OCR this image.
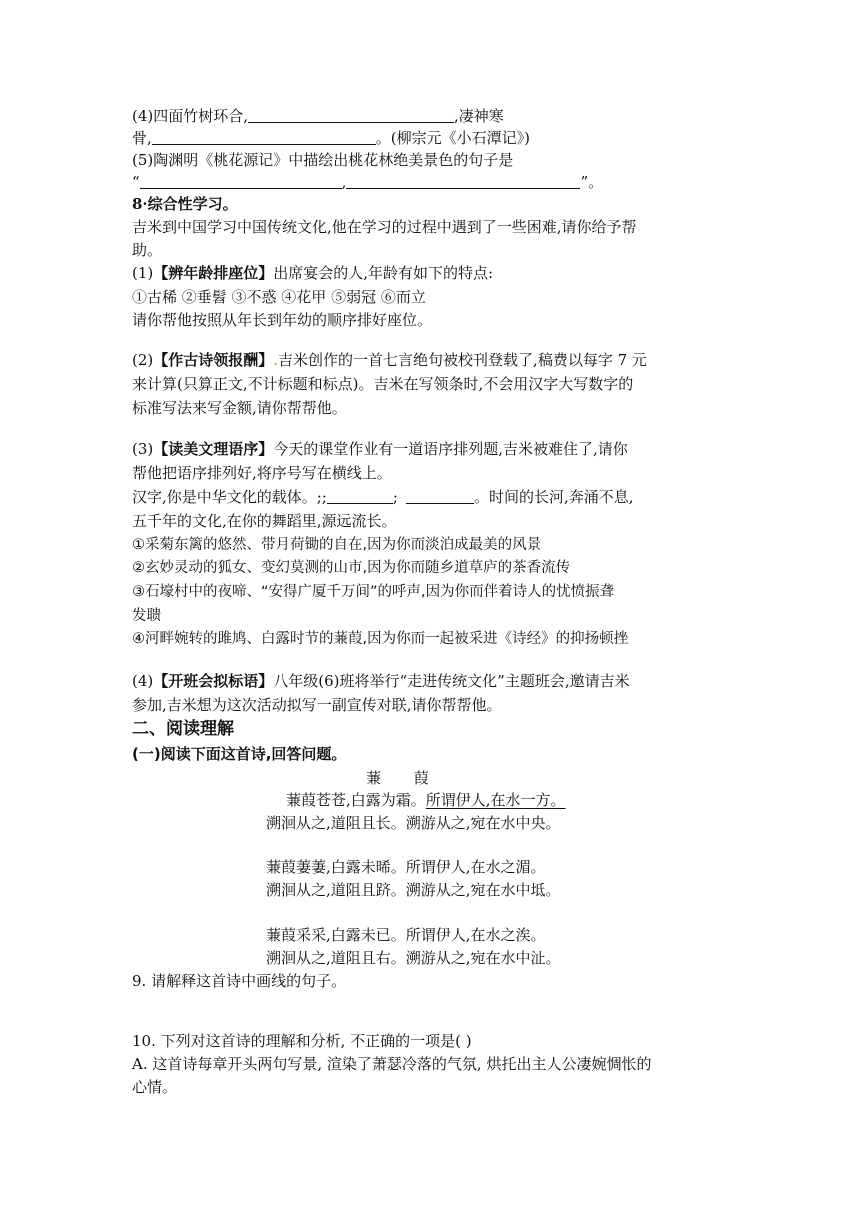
(4)四面竹树环合,	,凄神寒
骨,	。(柳宗元《小石潭记》)
(5)陶渊明《桃花源记》中描绘出桃花林绝美景色的句子是
“	,	”。
8·综合性学习。
吉米到中国学习中国传统文化,他在学习的过程中遇到了一些困难,请你给予帮
助。
(1)【辨年龄排座位】出席宴会的人,年龄有如下的特点:
①古稀 ②垂髫 ③不惑 ④花甲 ⑤弱冠 ⑥而立
请你帮他按照从年长到年幼的顺序排好座位。
(2)【作古诗领报酬】.吉米创作的一首七言绝句被校刊登载了,稿费以每字 7 元
来计算(只算正文,不计标题和标点)。吉米在写领条时,不会用汉字大写数字的
标准写法来写金额,请你帮帮他。
(3)【读美文理语序】今天的课堂作业有一道语序排列题,吉米被难住了,请你
帮他把语序排列好,将序号写在横线上。
汉字,你是中华文化的载体。;;	;	。时间的长河,奔涌不息,
五千年的文化,在你的舞蹈里,源远流长。
①采菊东篱的悠然、带月荷锄的自在,因为你而淡泊成最美的风景
②玄妙灵动的狐女、变幻莫测的山市,因为你而随乡道草庐的茶香流传
③石壕村中的夜啼、“安得广厦千万间”的呼声,因为你而伴着诗人的忧愤振聋
发聩
④河畔婉转的雎鸠、白露时节的蒹葭,因为你而一起被采进《诗经》的抑扬顿挫
(4)【开班会拟标语】八年级(6)班将举行“走进传统文化”主题班会,邀请吉米
参加,吉米想为这次活动拟写一副宣传对联,请你帮帮他。
二、阅读理解
(一)阅读下面这首诗,回答问题。
蒹 葭
蒹葭苍苍,白露为霜。所谓伊人,在水一方。
溯洄从之,道阻且长。溯游从之,宛在水中央。
蒹葭萋萋,白露未晞。所谓伊人,在水之湄。
溯洄从之,道阻且跻。溯游从之,宛在水中坻。
蒹葭采采,白露未已。所谓伊人,在水之涘。
溯洄从之,道阻且右。溯游从之,宛在水中沚。
9. 请解释这首诗中画线的句子。
10. 下列对这首诗的理解和分析, 不正确的一项是( )
A. 这首诗每章开头两句写景, 渲染了萧瑟冷落的气氛, 烘托出主人公凄婉惆怅的
心情。
